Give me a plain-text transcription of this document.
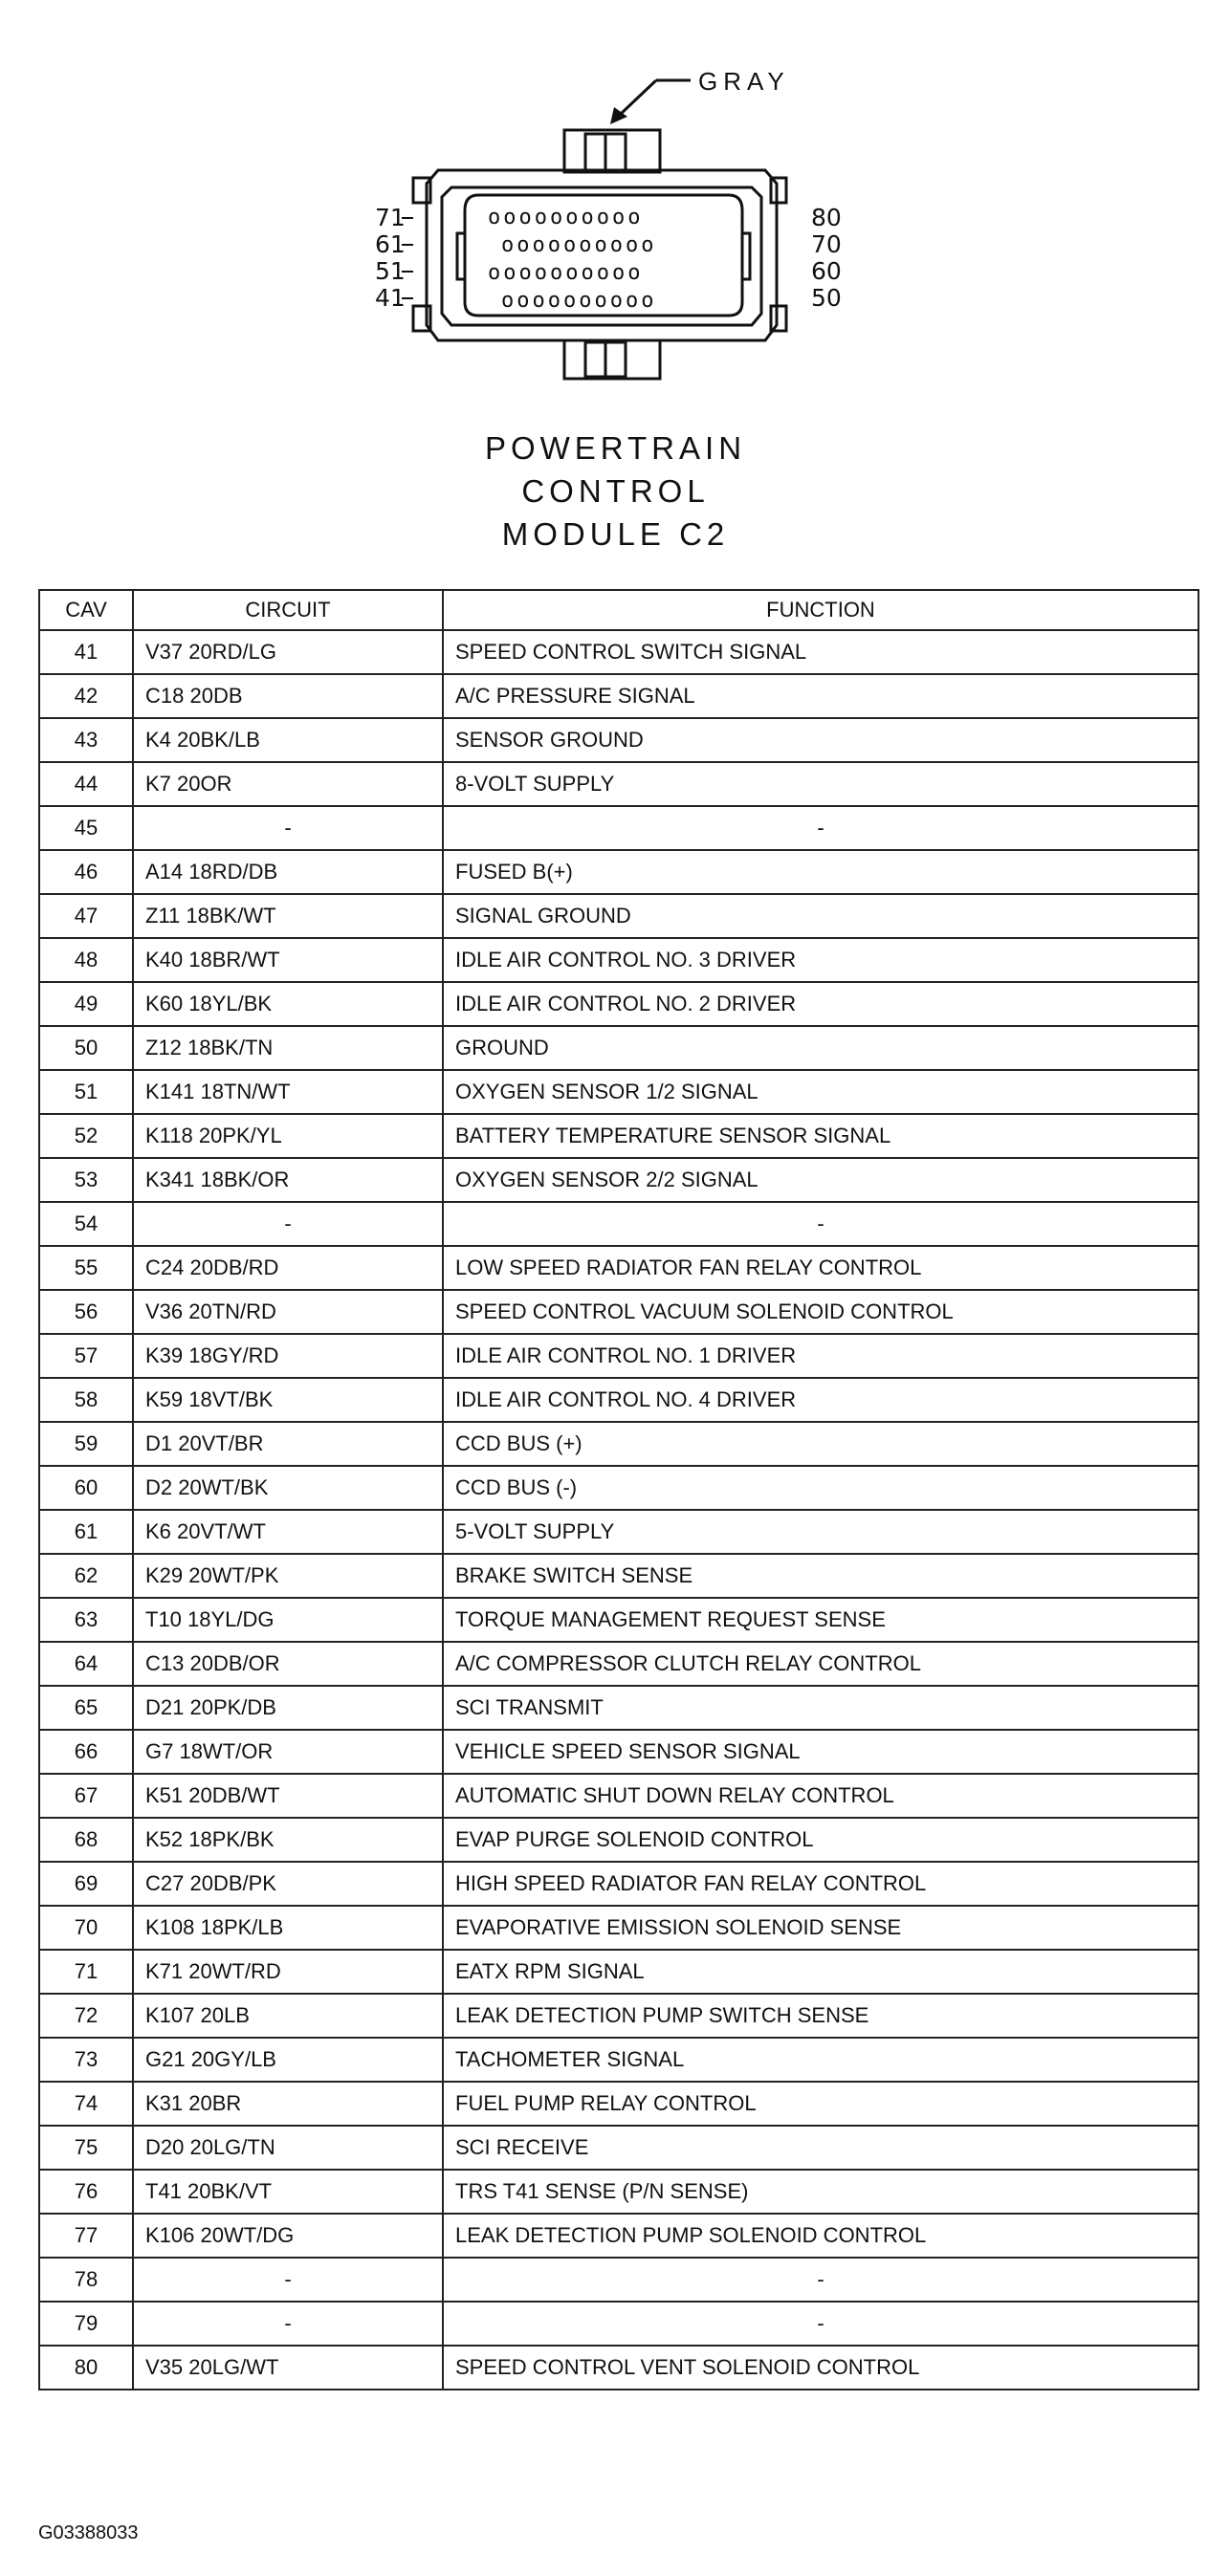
GRAY
oooooooooo
oooooooooo
oooooooooo
oooooooooo
71
61
51
41
80
70
60
50
POWERTRAIN
CONTROL
MODULE C2
CAV	CIRCUIT	FUNCTION
41	V37 20RD/LG	SPEED CONTROL SWITCH SIGNAL
42	C18 20DB	A/C PRESSURE SIGNAL
43	K4 20BK/LB	SENSOR GROUND
44	K7 20OR	8-VOLT SUPPLY
45	-	-
46	A14 18RD/DB	FUSED B(+)
47	Z11 18BK/WT	SIGNAL GROUND
48	K40 18BR/WT	IDLE AIR CONTROL NO. 3 DRIVER
49	K60 18YL/BK	IDLE AIR CONTROL NO. 2 DRIVER
50	Z12 18BK/TN	GROUND
51	K141 18TN/WT	OXYGEN SENSOR 1/2 SIGNAL
52	K118 20PK/YL	BATTERY TEMPERATURE SENSOR SIGNAL
53	K341 18BK/OR	OXYGEN SENSOR 2/2 SIGNAL
54	-	-
55	C24 20DB/RD	LOW SPEED RADIATOR FAN RELAY CONTROL
56	V36 20TN/RD	SPEED CONTROL VACUUM SOLENOID CONTROL
57	K39 18GY/RD	IDLE AIR CONTROL NO. 1 DRIVER
58	K59 18VT/BK	IDLE AIR CONTROL NO. 4 DRIVER
59	D1 20VT/BR	CCD BUS (+)
60	D2 20WT/BK	CCD BUS (-)
61	K6 20VT/WT	5-VOLT SUPPLY
62	K29 20WT/PK	BRAKE SWITCH SENSE
63	T10 18YL/DG	TORQUE MANAGEMENT REQUEST SENSE
64	C13 20DB/OR	A/C COMPRESSOR CLUTCH RELAY CONTROL
65	D21 20PK/DB	SCI TRANSMIT
66	G7 18WT/OR	VEHICLE SPEED SENSOR SIGNAL
67	K51 20DB/WT	AUTOMATIC SHUT DOWN RELAY CONTROL
68	K52 18PK/BK	EVAP PURGE SOLENOID CONTROL
69	C27 20DB/PK	HIGH SPEED RADIATOR FAN RELAY CONTROL
70	K108 18PK/LB	EVAPORATIVE EMISSION SOLENOID SENSE
71	K71 20WT/RD	EATX RPM SIGNAL
72	K107 20LB	LEAK DETECTION PUMP SWITCH SENSE
73	G21 20GY/LB	TACHOMETER SIGNAL
74	K31 20BR	FUEL PUMP RELAY CONTROL
75	D20 20LG/TN	SCI RECEIVE
76	T41 20BK/VT	TRS T41 SENSE (P/N SENSE)
77	K106 20WT/DG	LEAK DETECTION PUMP SOLENOID CONTROL
78	-	-
79	-	-
80	V35 20LG/WT	SPEED CONTROL VENT SOLENOID CONTROL
G03388033
